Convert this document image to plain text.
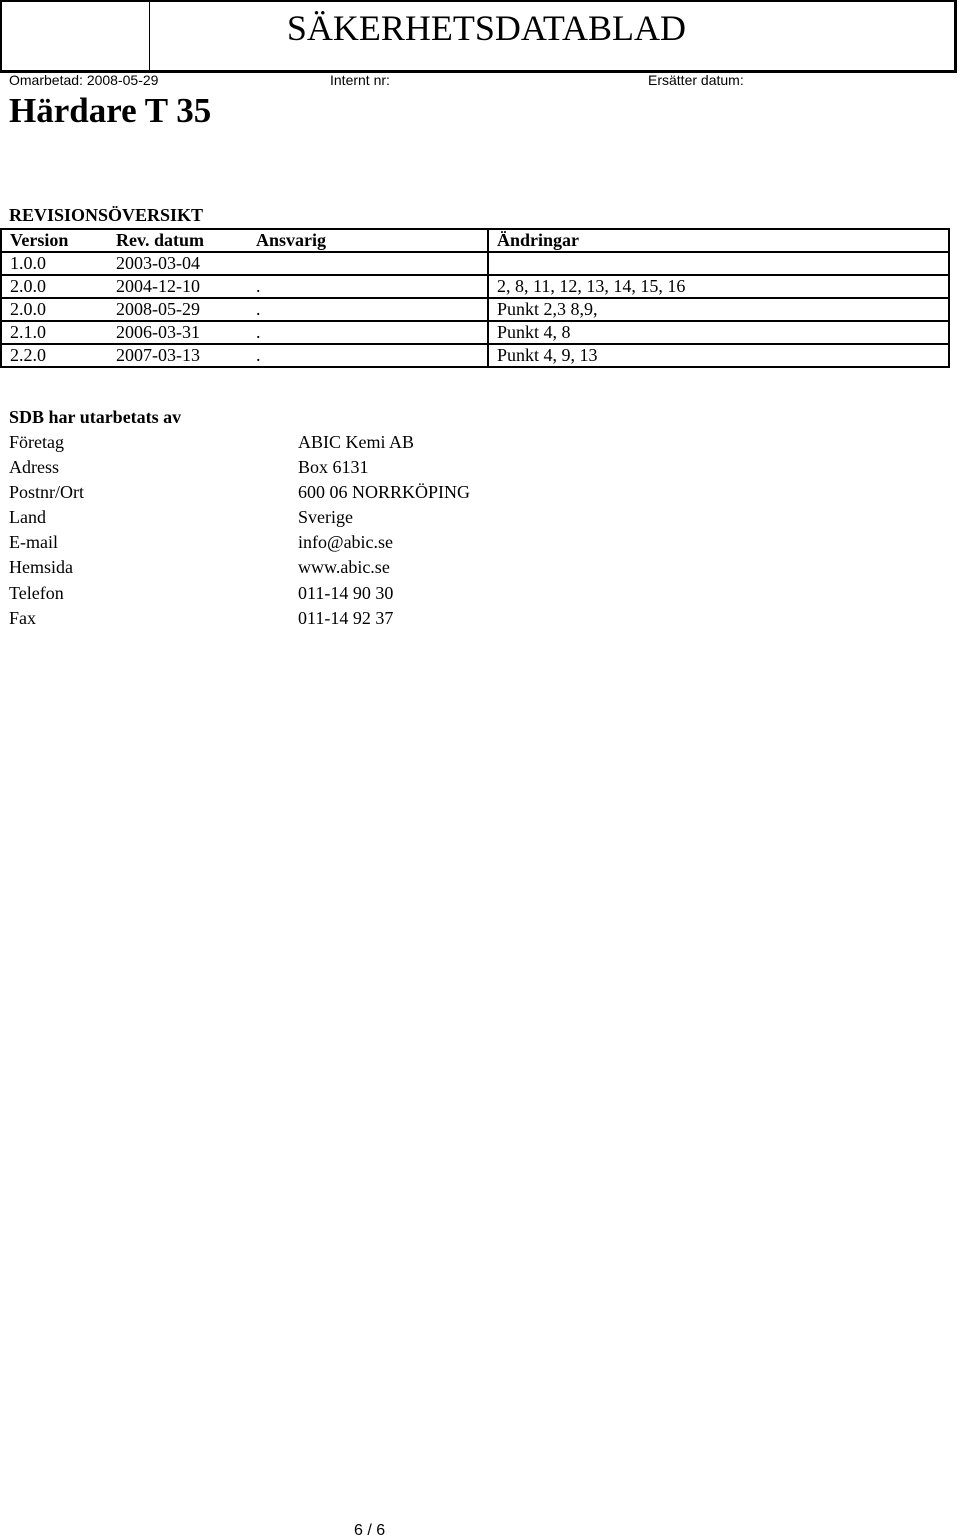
SÄKERHETSDATABLAD
Omarbetad: 2008-05-29	Internt nr:	Ersätter datum:
Härdare T 35
REVISIONSÖVERSIKT
Version	Rev. datum	Ansvarig	Ändringar
1.0.0	2003-03-04		
2.0.0	2004-12-10	.	2, 8, 11, 12, 13, 14, 15, 16
2.0.0	2008-05-29	.	Punkt 2,3 8,9,
2.1.0	2006-03-31	.	Punkt 4, 8
2.2.0	2007-03-13	.	Punkt 4, 9, 13
SDB har utarbetats av
Företag	ABIC Kemi AB
Adress	Box 6131
Postnr/Ort	600 06 NORRKÖPING
Land	Sverige
E-mail	info@abic.se
Hemsida	www.abic.se
Telefon	011-14 90 30
Fax	011-14 92 37
6 / 6
